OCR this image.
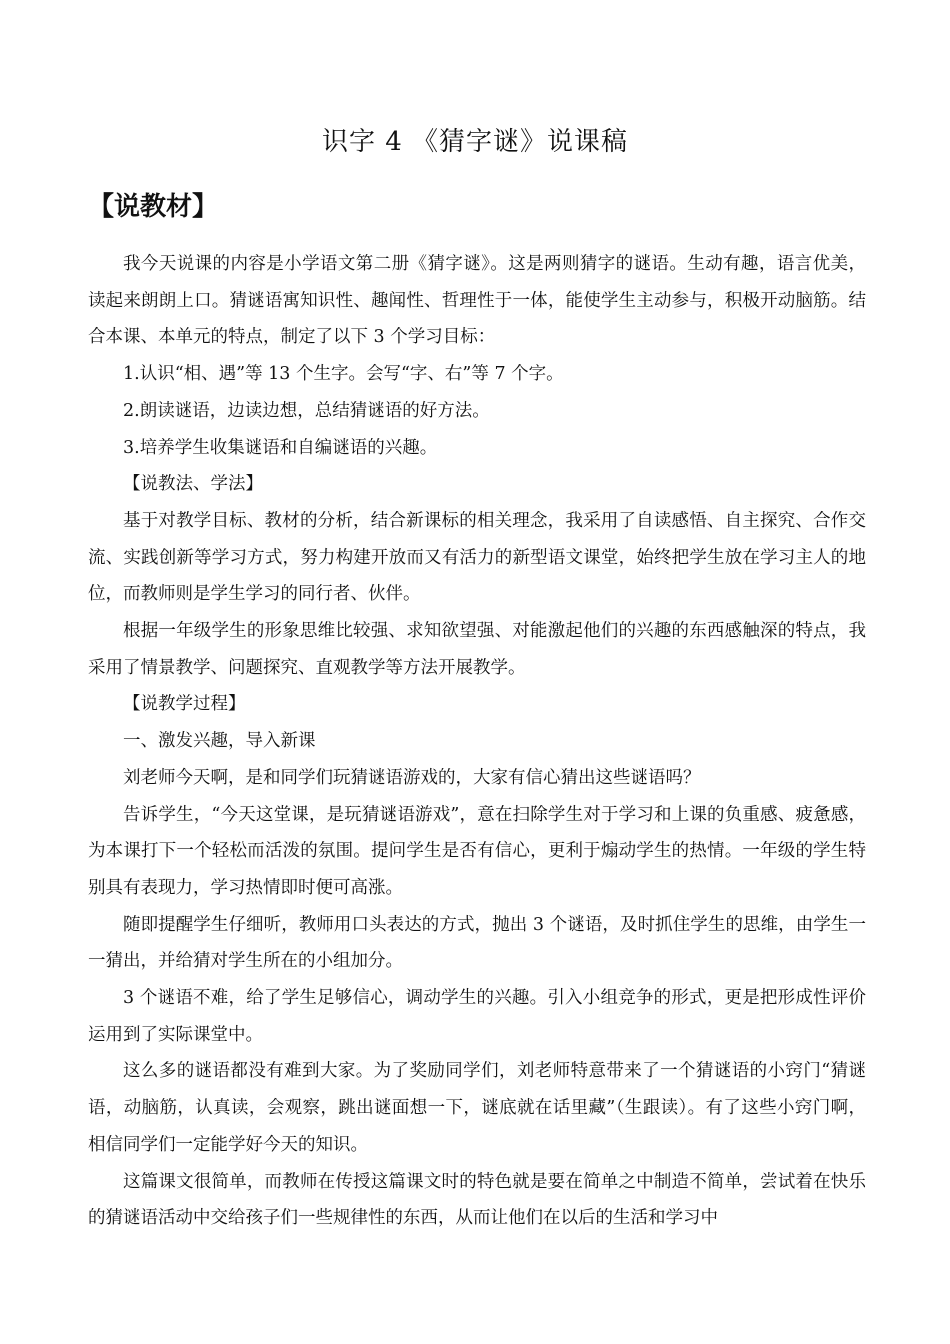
识字 4 《猜字谜》说课稿
【说教材】

我今天说课的内容是小学语文第二册《猜字谜》。这是两则猜字的谜语。生动有趣，语言优美，读起来朗朗上口。猜谜语寓知识性、趣闻性、哲理性于一体，能使学生主动参与，积极开动脑筋。结合本课、本单元的特点，制定了以下 3 个学习目标：

1.认识“相、遇”等 13 个生字。会写“字、右”等 7 个字。

2.朗读谜语，边读边想，总结猜谜语的好方法。

3.培养学生收集谜语和自编谜语的兴趣。

【说教法、学法】

基于对教学目标、教材的分析，结合新课标的相关理念，我采用了自读感悟、自主探究、合作交流、实践创新等学习方式，努力构建开放而又有活力的新型语文课堂，始终把学生放在学习主人的地位，而教师则是学生学习的同行者、伙伴。

根据一年级学生的形象思维比较强、求知欲望强、对能激起他们的兴趣的东西感触深的特点，我采用了情景教学、问题探究、直观教学等方法开展教学。

【说教学过程】

一、激发兴趣，导入新课

刘老师今天啊，是和同学们玩猜谜语游戏的，大家有信心猜出这些谜语吗？

告诉学生，“今天这堂课，是玩猜谜语游戏”，意在扫除学生对于学习和上课的负重感、疲惫感，为本课打下一个轻松而活泼的氛围。提问学生是否有信心，更利于煽动学生的热情。一年级的学生特别具有表现力，学习热情即时便可高涨。

随即提醒学生仔细听，教师用口头表达的方式，抛出 3 个谜语，及时抓住学生的思维，由学生一一猜出，并给猜对学生所在的小组加分。

3 个谜语不难，给了学生足够信心，调动学生的兴趣。引入小组竞争的形式，更是把形成性评价运用到了实际课堂中。

这么多的谜语都没有难到大家。为了奖励同学们，刘老师特意带来了一个猜谜语的小窍门“猜谜语，动脑筋，认真读，会观察，跳出谜面想一下，谜底就在话里藏”（生跟读）。有了这些小窍门啊，相信同学们一定能学好今天的知识。

这篇课文很简单，而教师在传授这篇课文时的特色就是要在简单之中制造不简单，尝试着在快乐的猜谜语活动中交给孩子们一些规律性的东西，从而让他们在以后的生活和学习中
